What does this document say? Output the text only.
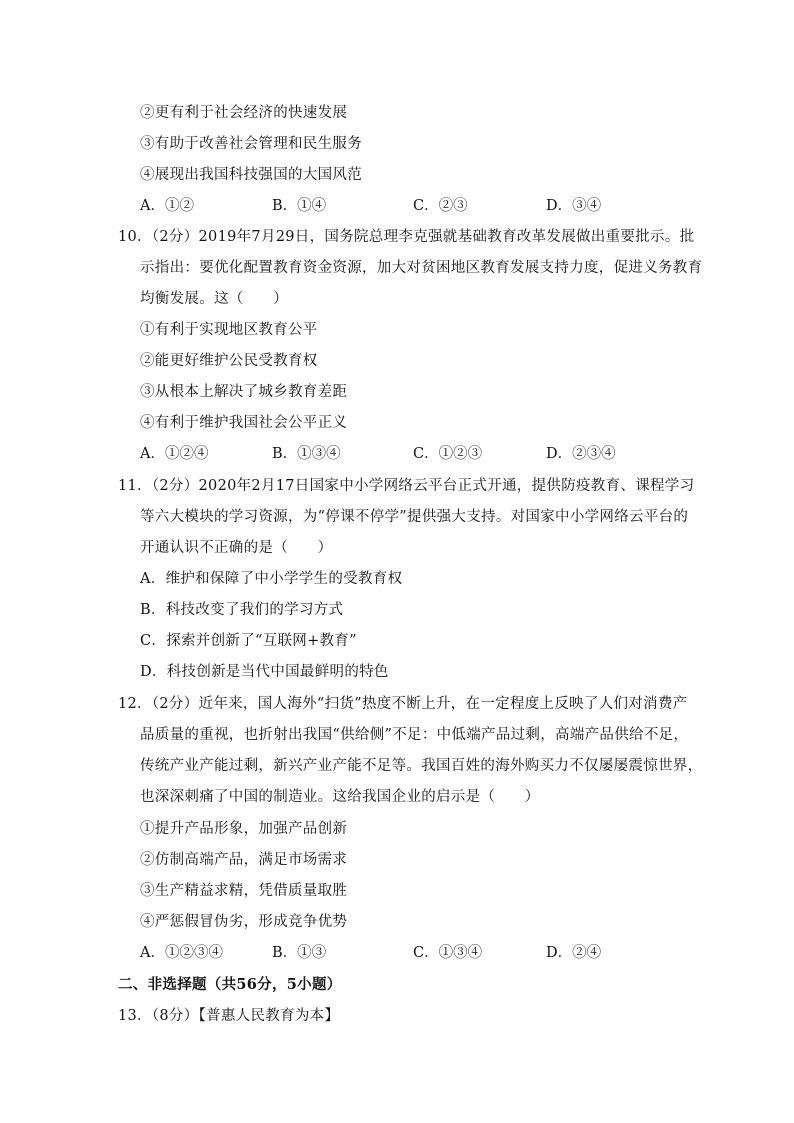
②更有利于社会经济的快速发展
③有助于改善社会管理和民生服务
④展现出我国科技强国的大国风范
A．①②	B．①④	C．②③	D．③④
10．（2分）2019年7月29日，国务院总理李克强就基础教育改革发展做出重要批示。批
示指出：要优化配置教育资金资源，加大对贫困地区教育发展支持力度，促进义务教育
均衡发展。这（　　）
①有利于实现地区教育公平
②能更好维护公民受教育权
③从根本上解决了城乡教育差距
④有利于维护我国社会公平正义
A．①②④	B．①③④	C．①②③	D．②③④
11．（2分）2020年2月17日国家中小学网络云平台正式开通，提供防疫教育、课程学习
等六大模块的学习资源，为“停课不停学”提供强大支持。对国家中小学网络云平台的
开通认识不正确的是（　　）
A．维护和保障了中小学学生的受教育权
B．科技改变了我们的学习方式
C．探索并创新了“互联网+教育”
D．科技创新是当代中国最鲜明的特色
12．（2分）近年来，国人海外“扫货”热度不断上升，在一定程度上反映了人们对消费产
品质量的重视，也折射出我国“供给侧”不足：中低端产品过剩，高端产品供给不足，
传统产业产能过剩，新兴产业产能不足等。我国百姓的海外购买力不仅屡屡震惊世界，
也深深刺痛了中国的制造业。这给我国企业的启示是（　　）
①提升产品形象，加强产品创新
②仿制高端产品，满足市场需求
③生产精益求精，凭借质量取胜
④严惩假冒伪劣，形成竞争优势
A．①②③④	B．①③	C．①③④	D．②④
二、非选择题（共56分，5小题）
13．（8分）【普惠人民教育为本】
